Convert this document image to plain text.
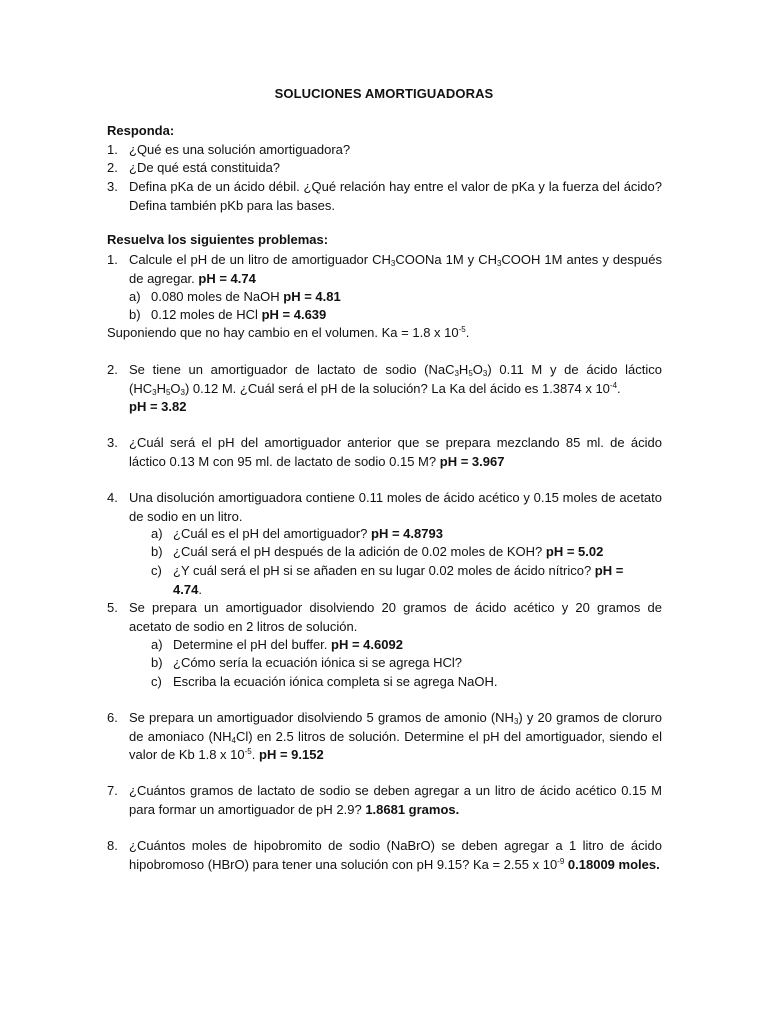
SOLUCIONES AMORTIGUADORAS
Responda:
1. ¿Qué es una solución amortiguadora?
2. ¿De qué está constituida?
3. Defina pKa de un ácido débil. ¿Qué relación hay entre el valor de pKa y la fuerza del ácido? Defina también pKb para las bases.
Resuelva los siguientes problemas:
1. Calcule el pH de un litro de amortiguador $CH_3COONa$ 1M y $CH_3COOH$ 1M antes y después de agregar. pH = 4.74
a) 0.080 moles de NaOH pH = 4.81
b) 0.12 moles de HCl pH = 4.639
Suponiendo que no hay cambio en el volumen. Ka = 1.8 x $10^{-5}$.
2. Se tiene un amortiguador de lactato de sodio $(NaC_3H_5O_3)$ 0.11 M y de ácido láctico $(HC_3H_5O_3)$ 0.12 M. ¿Cuál será el pH de la solución? La Ka del ácido es 1.3874 x $10^{-4}$.
pH = 3.82
3. ¿Cuál será el pH del amortiguador anterior que se prepara mezclando 85 ml. de ácido láctico 0.13 M con 95 ml. de lactato de sodio 0.15 M? pH = 3.967
4. Una disolución amortiguadora contiene 0.11 moles de ácido acético y 0.15 moles de acetato de sodio en un litro.
a) ¿Cuál es el pH del amortiguador? pH = 4.8793
b) ¿Cuál será el pH después de la adición de 0.02 moles de KOH? pH = 5.02
c) ¿Y cuál será el pH si se añaden en su lugar 0.02 moles de ácido nítrico? pH =
4.74.
5. Se prepara un amortiguador disolviendo 20 gramos de ácido acético y 20 gramos de acetato de sodio en 2 litros de solución.
a) Determine el pH del buffer. pH = 4.6092
b) ¿Cómo sería la ecuación iónica si se agrega HCl?
c) Escriba la ecuación iónica completa si se agrega NaOH.
6. Se prepara un amortiguador disolviendo 5 gramos de amonio $(NH_3)$ y 20 gramos de cloruro de amoniaco $(NH_4Cl)$ en 2.5 litros de solución. Determine el pH del amortiguador, siendo el valor de Kb 1.8 x $10^{-5}$. pH = 9.152
7. ¿Cuántos gramos de lactato de sodio se deben agregar a un litro de ácido acético 0.15 M para formar un amortiguador de pH 2.9? 1.8681 gramos.
8. ¿Cuántos moles de hipobromito de sodio (NaBrO) se deben agregar a 1 litro de ácido hipobromoso (HBrO) para tener una solución con pH 9.15? Ka = 2.55 x $10^{-9}$ 0.18009 moles.
